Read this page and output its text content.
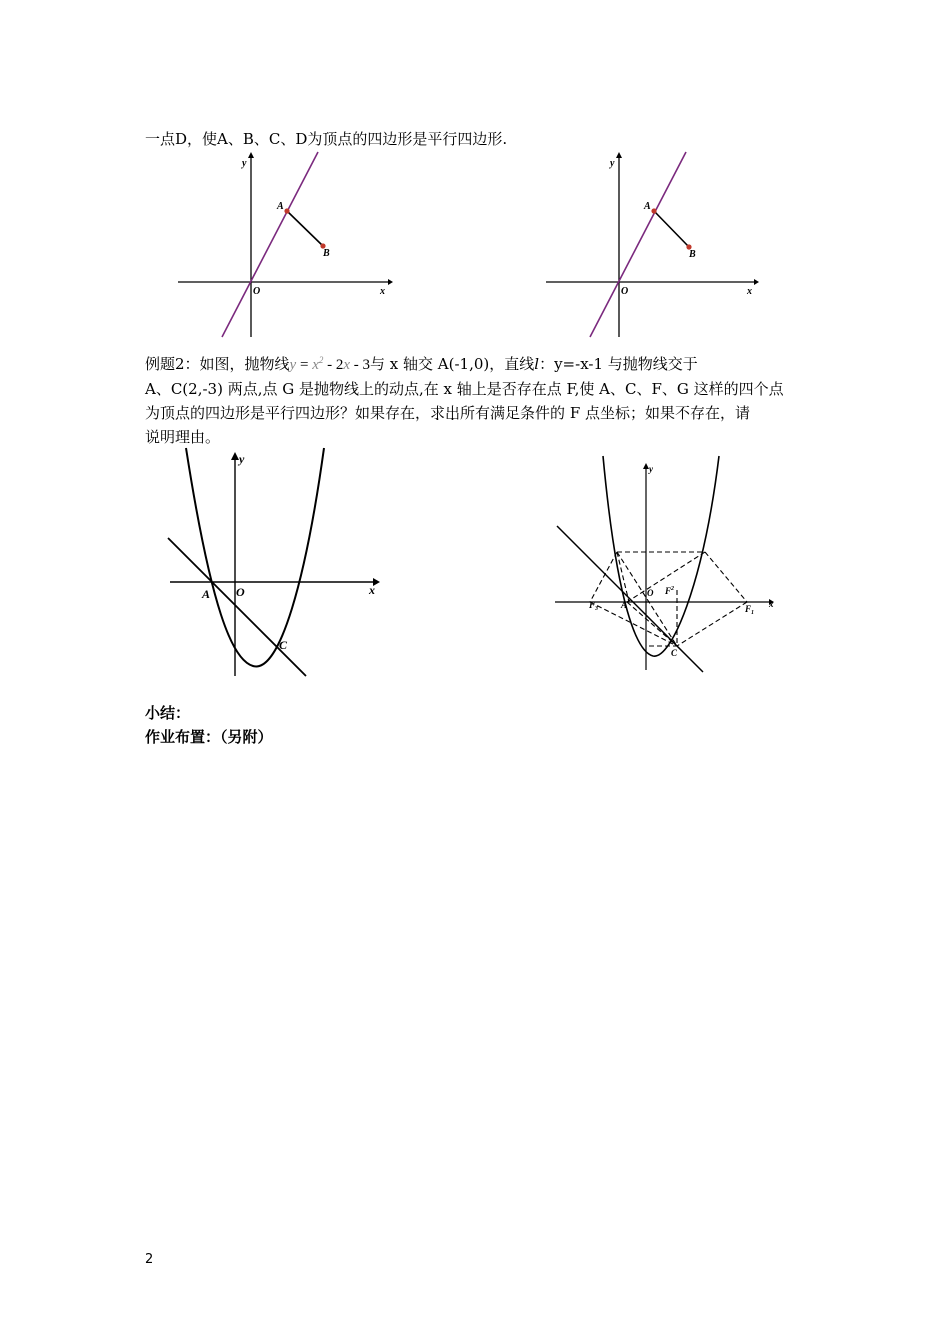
一点D，使A、B、C、D为顶点的四边形是平行四边形.
y
x
O
A
B
y
x
O
A
B
例题2：如图，抛物线$y = x^2 - 2x - 3$与 x 轴交 A(-1,0)，直线l：y=-x-1 与抛物线交于
A、C(2,-3) 两点,点 G 是抛物线上的动点,在 x 轴上是否存在点 F,使 A、C、F、G 这样的四个点
为顶点的四边形是平行四边形？如果存在，求出所有满足条件的 F 点坐标；如果不存在，请
说明理由。
y
x
O
A
C
y
x
O
A
C
$F_1$
$F^2$
$F_3$
小结：
作业布置：（另附）
2
